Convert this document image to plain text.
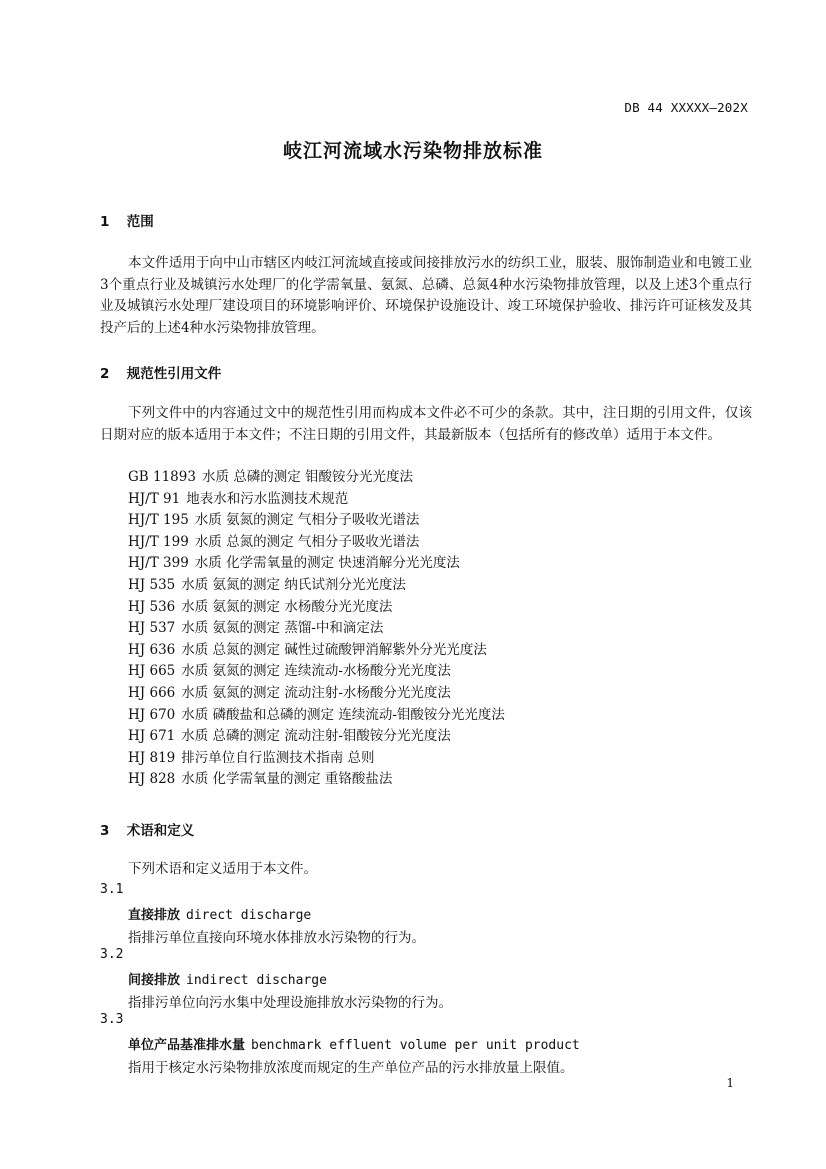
DB 44 XXXXX—202X
岐江河流域水污染物排放标准
1 范围

本文件适用于向中山市辖区内岐江河流域直接或间接排放污水的纺织工业，服装、服饰制造业和电镀工业3个重点行业及城镇污水处理厂的化学需氧量、氨氮、总磷、总氮4种水污染物排放管理，以及上述3个重点行业及城镇污水处理厂建设项目的环境影响评价、环境保护设施设计、竣工环境保护验收、排污许可证核发及其投产后的上述4种水污染物排放管理。

2 规范性引用文件

下列文件中的内容通过文中的规范性引用而构成本文件必不可少的条款。其中，注日期的引用文件，仅该日期对应的版本适用于本文件；不注日期的引用文件，其最新版本（包括所有的修改单）适用于本文件。

GB 11893 水质 总磷的测定 钼酸铵分光光度法
HJ/T 91 地表水和污水监测技术规范
HJ/T 195 水质 氨氮的测定 气相分子吸收光谱法
HJ/T 199 水质 总氮的测定 气相分子吸收光谱法
HJ/T 399 水质 化学需氧量的测定 快速消解分光光度法
HJ 535 水质 氨氮的测定 纳氏试剂分光光度法
HJ 536 水质 氨氮的测定 水杨酸分光光度法
HJ 537 水质 氨氮的测定 蒸馏-中和滴定法
HJ 636 水质 总氮的测定 碱性过硫酸钾消解紫外分光光度法
HJ 665 水质 氨氮的测定 连续流动-水杨酸分光光度法
HJ 666 水质 氨氮的测定 流动注射-水杨酸分光光度法
HJ 670 水质 磷酸盐和总磷的测定 连续流动-钼酸铵分光光度法
HJ 671 水质 总磷的测定 流动注射-钼酸铵分光光度法
HJ 819 排污单位自行监测技术指南 总则
HJ 828 水质 化学需氧量的测定 重铬酸盐法
3 术语和定义

下列术语和定义适用于本文件。

3.1
直接排放 direct discharge
指排污单位直接向环境水体排放水污染物的行为。
3.2
间接排放 indirect discharge
指排污单位向污水集中处理设施排放水污染物的行为。
3.3
单位产品基准排水量 benchmark effluent volume per unit product
指用于核定水污染物排放浓度而规定的生产单位产品的污水排放量上限值。
1
